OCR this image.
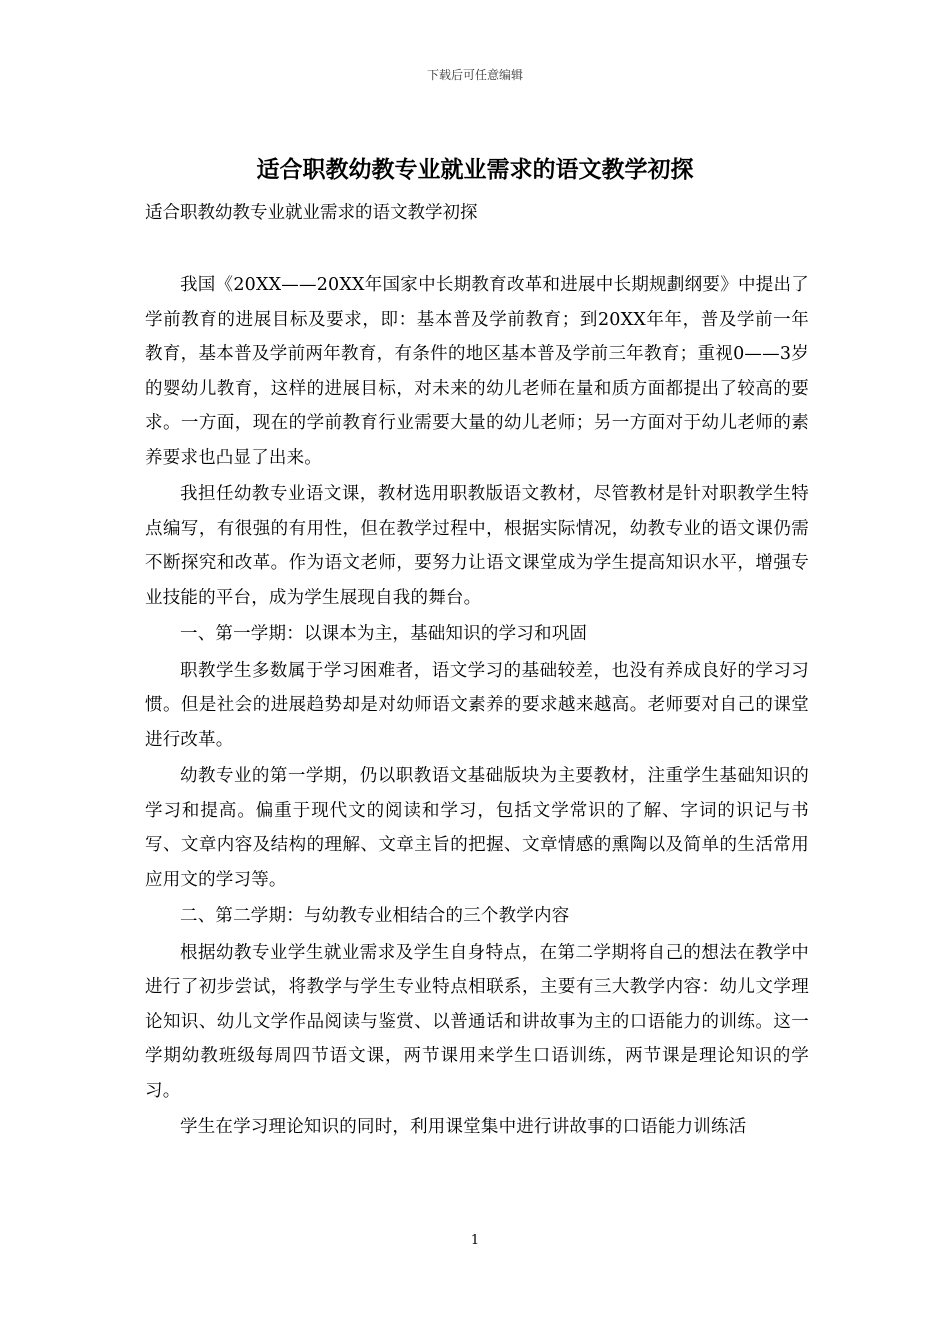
下载后可任意编辑
适合职教幼教专业就业需求的语文教学初探

适合职教幼教专业就业需求的语文教学初探

我国《20XX——20XX年国家中长期教育改革和进展中长期规劃纲要》中提出了学前教育的进展目标及要求，即：基本普及学前教育；到20XX年年，普及学前一年教育，基本普及学前两年教育，有条件的地区基本普及学前三年教育；重视0——3岁的婴幼儿教育，这样的进展目标，对未来的幼儿老师在量和质方面都提出了较高的要求。一方面，现在的学前教育行业需要大量的幼儿老师；另一方面对于幼儿老师的素养要求也凸显了出来。

我担任幼教专业语文课，教材选用职教版语文教材，尽管教材是针对职教学生特点编写，有很强的有用性，但在教学过程中，根据实际情况，幼教专业的语文课仍需不断探究和改革。作为语文老师，要努力让语文课堂成为学生提高知识水平，增强专业技能的平台，成为学生展现自我的舞台。

一、第一学期：以课本为主，基础知识的学习和巩固

职教学生多数属于学习困难者，语文学习的基础较差，也没有养成良好的学习习惯。但是社会的进展趋势却是对幼师语文素养的要求越来越高。老师要对自己的课堂进行改革。

幼教专业的第一学期，仍以职教语文基础版块为主要教材，注重学生基础知识的学习和提高。偏重于现代文的阅读和学习，包括文学常识的了解、字词的识记与书写、文章内容及结构的理解、文章主旨的把握、文章情感的熏陶以及简单的生活常用应用文的学习等。

二、第二学期：与幼教专业相结合的三个教学内容

根据幼教专业学生就业需求及学生自身特点，在第二学期将自己的想法在教学中进行了初步尝试，将教学与学生专业特点相联系，主要有三大教学内容：幼儿文学理论知识、幼儿文学作品阅读与鉴赏、以普通话和讲故事为主的口语能力的训练。这一学期幼教班级每周四节语文课，两节课用来学生口语训练，两节课是理论知识的学习。

学生在学习理论知识的同时，利用课堂集中进行讲故事的口语能力训练活

1
